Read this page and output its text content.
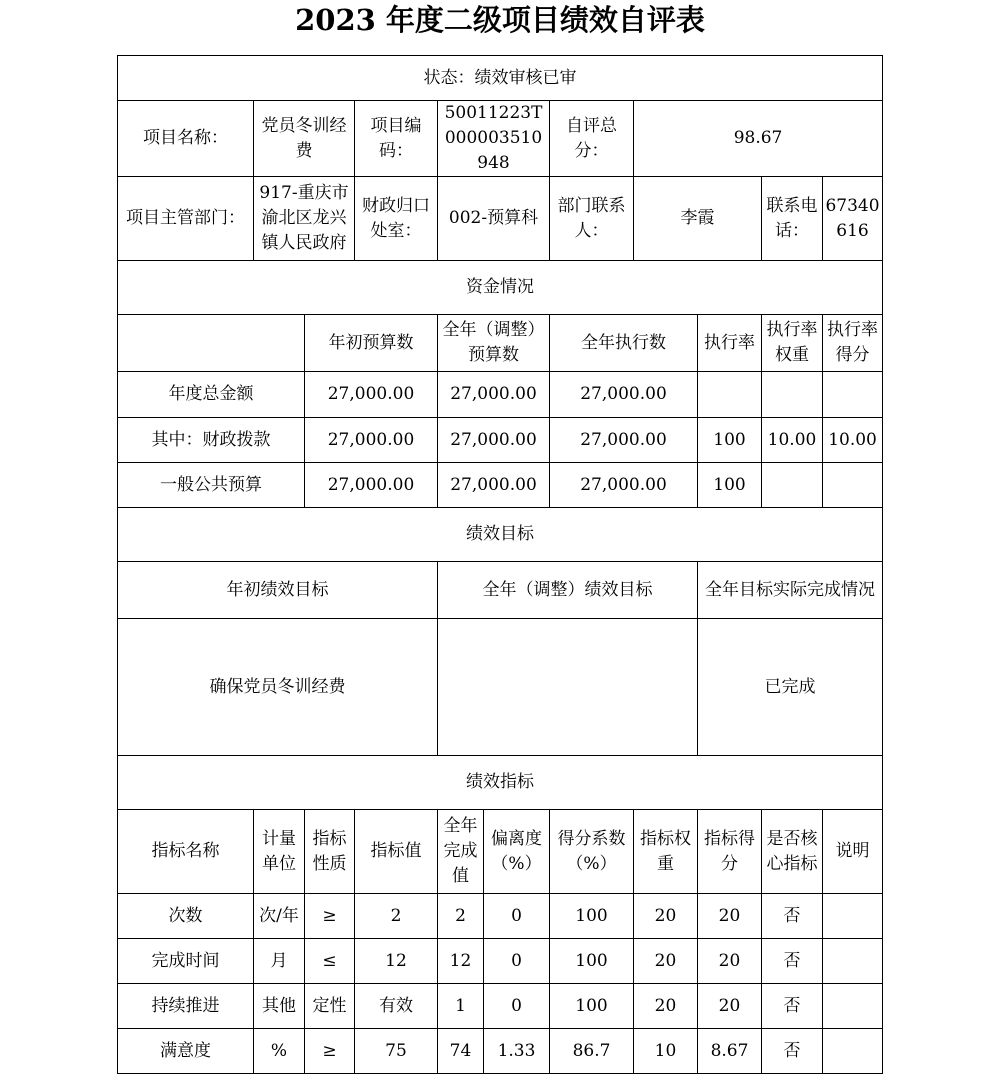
2023 年度二级项目绩效自评表
状态：绩效审核已审										
项目名称：	党员冬训经费		项目编码：	50011223T000003510948		自评总分：	98.67			
项目主管部门：	917-重庆市渝北区龙兴镇人民政府		财政归口处室：	002-预算科		部门联系人：	李霞		联系电话：	67340616
资金情况										
		年初预算数		全年（调整）预算数		全年执行数		执行率	执行率权重	执行率得分
年度总金额		27,000.00		27,000.00		27,000.00				
其中：财政拨款		27,000.00		27,000.00		27,000.00		100	10.00	10.00
一般公共预算		27,000.00		27,000.00		27,000.00		100		
绩效目标										
年初绩效目标				全年（调整）绩效目标				全年目标实际完成情况		
确保党员冬训经费								已完成		
绩效指标										
指标名称	计量单位	指标性质	指标值	全年完成值	偏离度（%）	得分系数（%）	指标权重	指标得分	是否核心指标	说明
次数	次/年	≥	2	2	0	100	20	20	否	
完成时间	月	≤	12	12	0	100	20	20	否	
持续推进	其他	定性	有效	1	0	100	20	20	否	
满意度	%	≥	75	74	1.33	86.7	10	8.67	否	
